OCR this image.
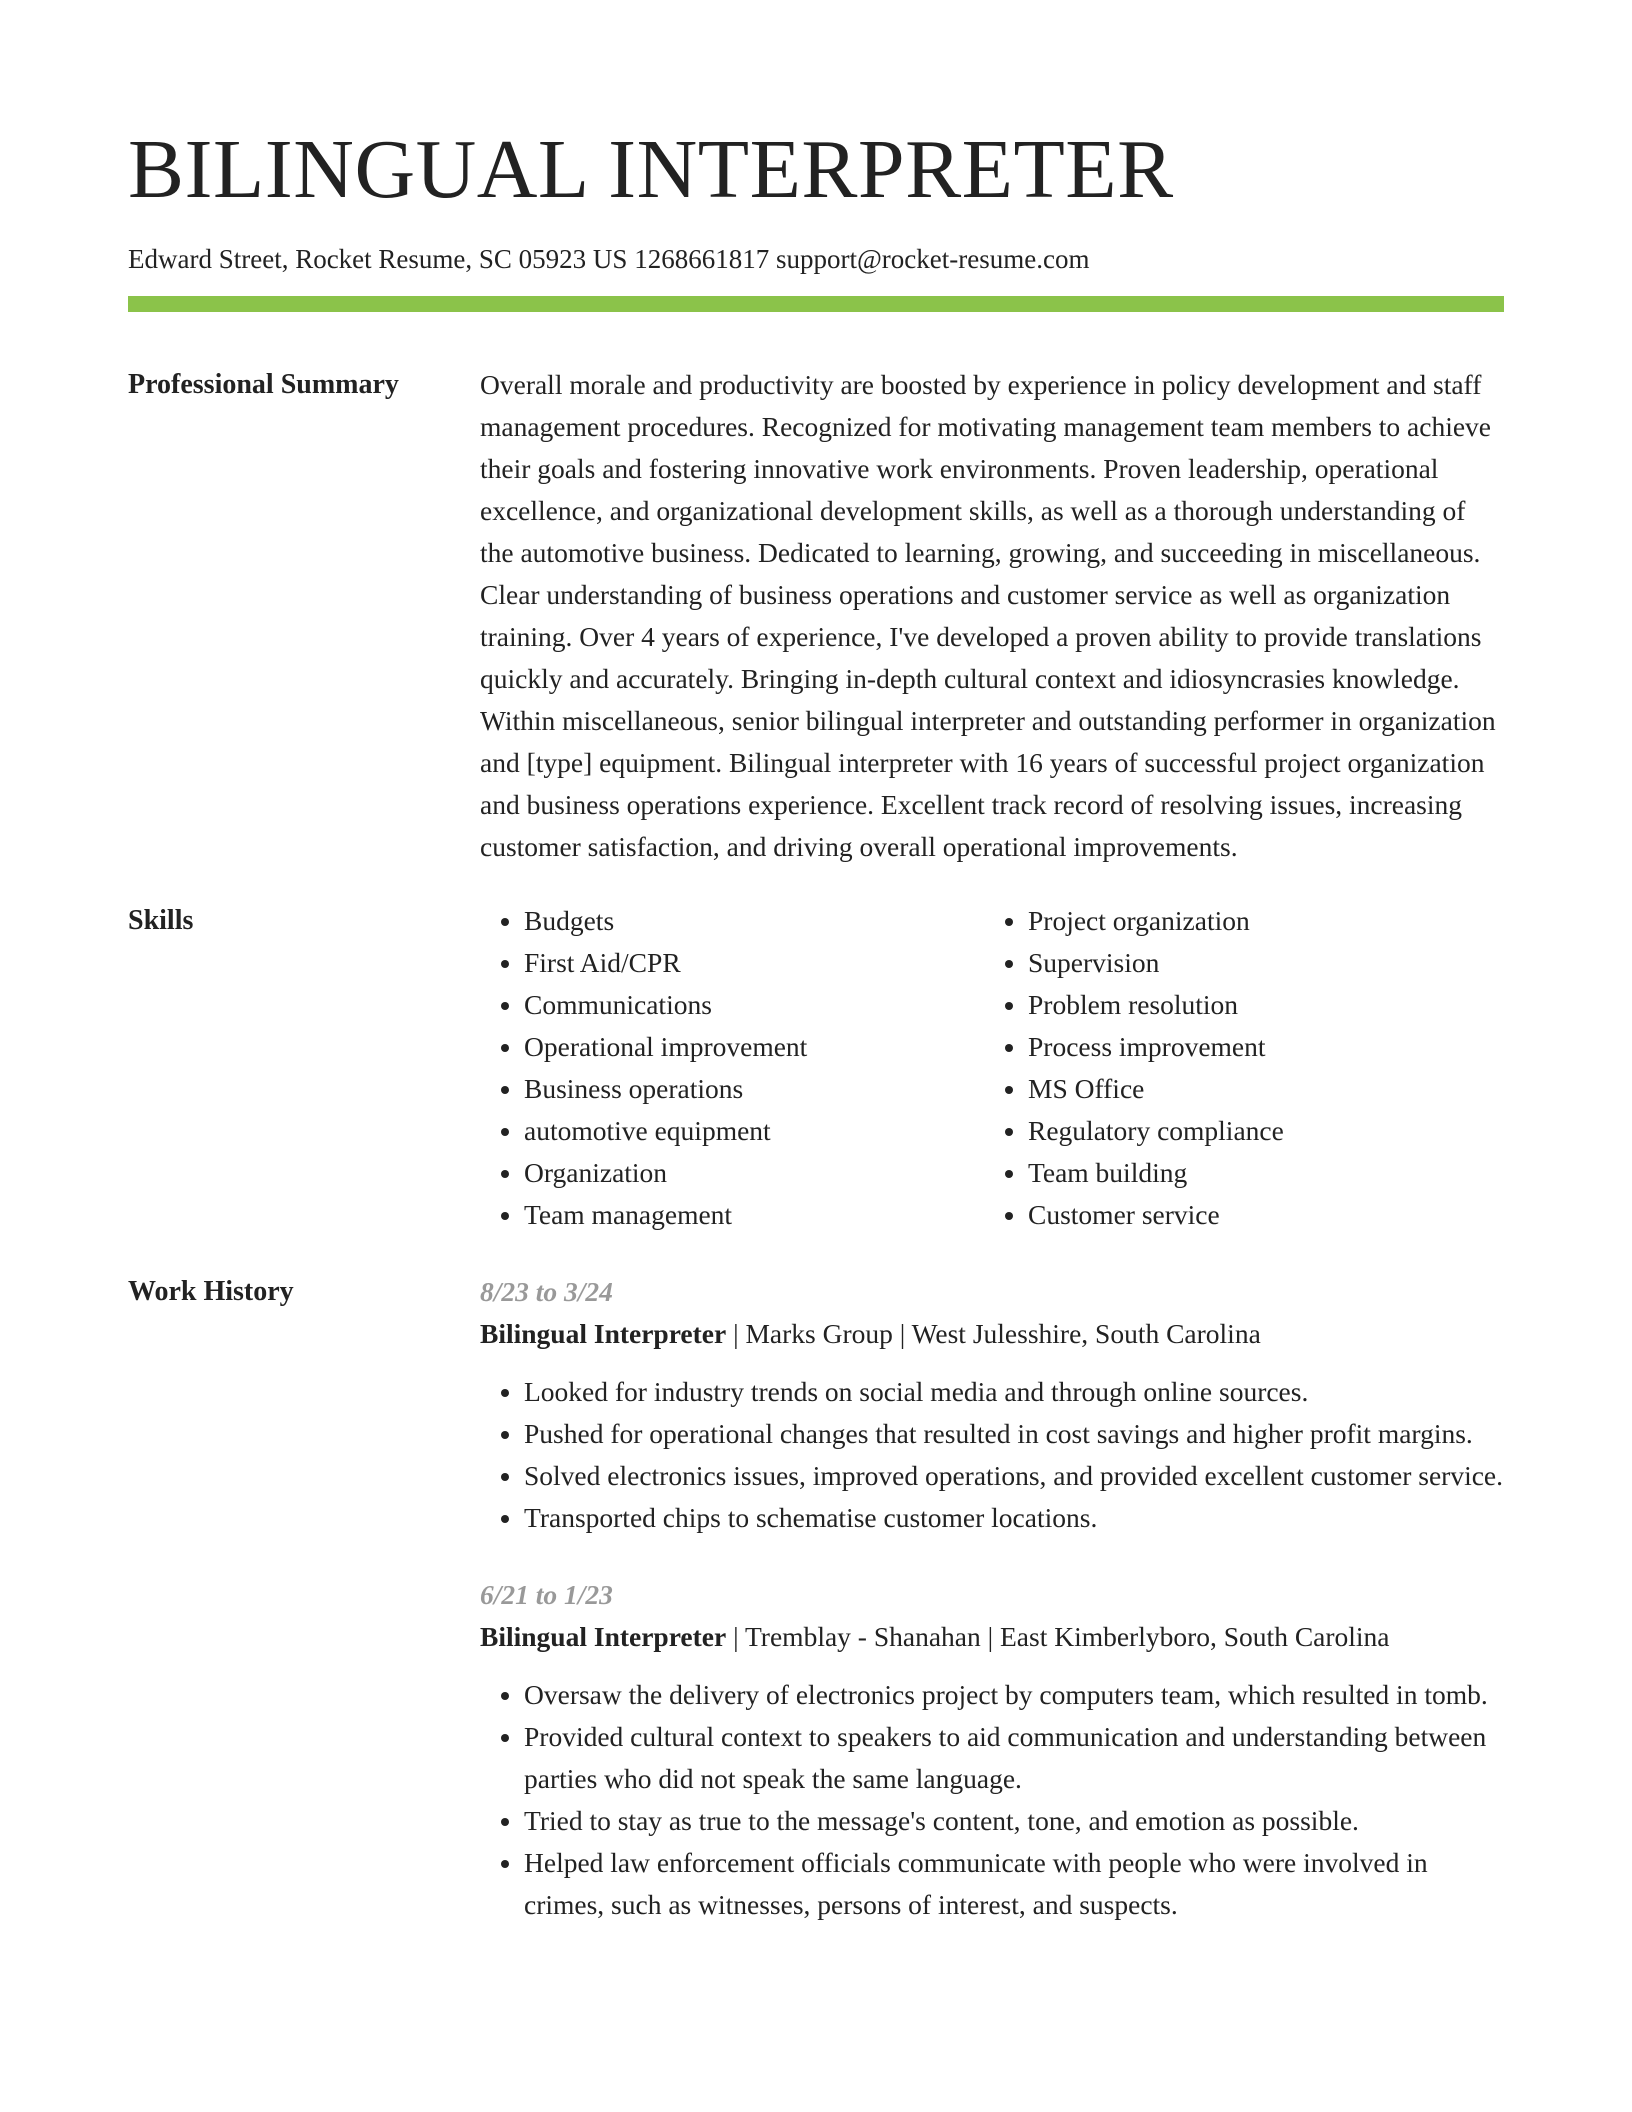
BILINGUAL INTERPRETER
Edward Street, Rocket Resume, SC 05923 US 1268661817 support@rocket-resume.com
Professional Summary	Overall morale and productivity are boosted by experience in policy development and staff management procedures. Recognized for motivating management team members to achieve their goals and fostering innovative work environments. Proven leadership, operational excellence, and organizational development skills, as well as a thorough understanding of the automotive business. Dedicated to learning, growing, and succeeding in miscellaneous. Clear understanding of business operations and customer service as well as organization training. Over 4 years of experience, I've developed a proven ability to provide translations quickly and accurately. Bringing in-depth cultural context and idiosyncrasies knowledge. Within miscellaneous, senior bilingual interpreter and outstanding performer in organization and [type] equipment. Bilingual interpreter with 16 years of successful project organization and business operations experience. Excellent track record of resolving issues, increasing customer satisfaction, and driving overall operational improvements.

Skills
•	Budgets
• First Aid/CPR
• Communications
• Operational improvement
• Business operations
• automotive equipment
• Organization
• Team management
• Project organization
• Supervision
• Problem resolution
• Process improvement
• MS Office
• Regulatory compliance
• Team building
• Customer service
Work History	8/23 to 3/24
Bilingual Interpreter | Marks Group | West Julesshire, South Carolina
• Looked for industry trends on social media and through online sources.
• Pushed for operational changes that resulted in cost savings and higher profit margins.
• Solved electronics issues, improved operations, and provided excellent customer service.
• Transported chips to schematise customer locations.
6/21 to 1/23
Bilingual Interpreter | Tremblay - Shanahan | East Kimberlyboro, South Carolina
• Oversaw the delivery of electronics project by computers team, which resulted in tomb.
• Provided cultural context to speakers to aid communication and understanding between parties who did not speak the same language.
• Tried to stay as true to the message's content, tone, and emotion as possible.
• Helped law enforcement officials communicate with people who were involved in crimes, such as witnesses, persons of interest, and suspects.
